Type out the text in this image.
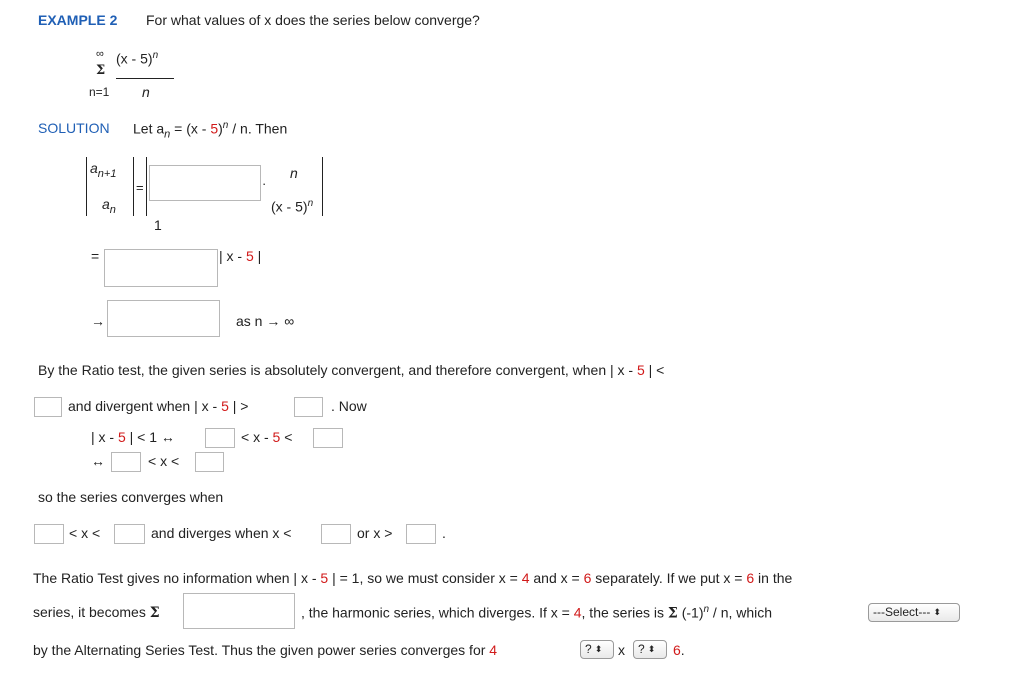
EXAMPLE 2 For what values of x does the series below converge?
∞
Σ
(x - 5)$^n$
n=1 n
SOLUTION Let $a_n = (x - 5)^n / n$. Then
$a_{n+1}$
$a_n$
=	·
n
(x - 5)$^n$
1
=	| x - 5 |
→	as n → ∞
By the Ratio test, the given series is absolutely convergent, and therefore convergent, when | x - 5 | <
and divergent when | x - 5 | >	. Now
| x - 5 | < 1 ↔	< x - 5 <
↔	< x <
so the series converges when
< x <	and diverges when x <	or x >	.
The Ratio Test gives no information when | x - 5 | = 1, so we must consider x = 4 and x = 6 separately. If we put x = 6 in the
series, it becomes Σ	, the harmonic series, which diverges. If x = 4, the series is Σ $(-1)^n$ / n, which	---Select--- ⬍
by the Alternating Series Test. Thus the given power series converges for 4	? ⬍	x	? ⬍	6.
